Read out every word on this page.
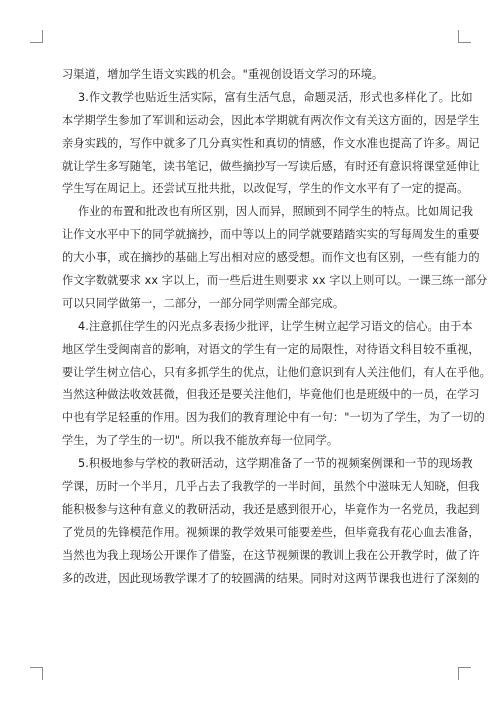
习渠道，增加学生语文实践的机会。"重视创设语文学习的环境。
3.作文教学也贴近生活实际，富有生活气息，命题灵活，形式也多样化了。比如
本学期学生参加了军训和运动会，因此本学期就有两次作文有关这方面的，因是学生
亲身实践的，写作中就多了几分真实性和真切的情感，作文水准也提高了许多。周记
就让学生多写随笔，读书笔记，做些摘抄写一写读后感，有时还有意识将课堂延伸让
学生写在周记上。还尝试互批共批，以改促写，学生的作文水平有了一定的提高。
作业的布置和批改也有所区别，因人而异，照顾到不同学生的特点。比如周记我
让作文水平中下的同学就摘抄，而中等以上的同学就要踏踏实实的写每周发生的重要
的大小事，或在摘抄的基础上写出相对应的感受想。而作文也有区别，一些有能力的
作文字数就要求 xx 字以上，而一些后进生则要求 xx 字以上则可以。一课三练一部分
可以只同学做第一，二部分，一部分同学则需全部完成。
4.注意抓住学生的闪光点多表扬少批评，让学生树立起学习语文的信心。由于本
地区学生受闽南音的影响，对语文的学生有一定的局限性，对待语文科目较不重视，
要让学生树立信心，只有多抓学生的优点，让他们意识到有人关注他们，有人在乎他。
当然这种做法收效甚微，但我还是要关注他们，毕竟他们也是班级中的一员，在学习
中也有学足轻重的作用。因为我们的教育理论中有一句："一切为了学生，为了一切的
学生，为了学生的一切"。所以我不能放弃每一位同学。
5.积极地参与学校的教研活动，这学期准备了一节的视频案例课和一节的现场教
学课，历时一个半月，几乎占去了我教学的一半时间，虽然个中滋味无人知晓，但我
能积极参与这种有意义的教研活动，我还是感到很开心，毕竟作为一名党员，我起到
了党员的先锋模范作用。视频课的教学效果可能要差些，但毕竟我有花心血去准备，
当然也为我上现场公开课作了借鉴，在这节视频课的教训上我在公开教学时，做了许
多的改进，因此现场教学课才了的较圆满的结果。同时对这两节课我也进行了深刻的
